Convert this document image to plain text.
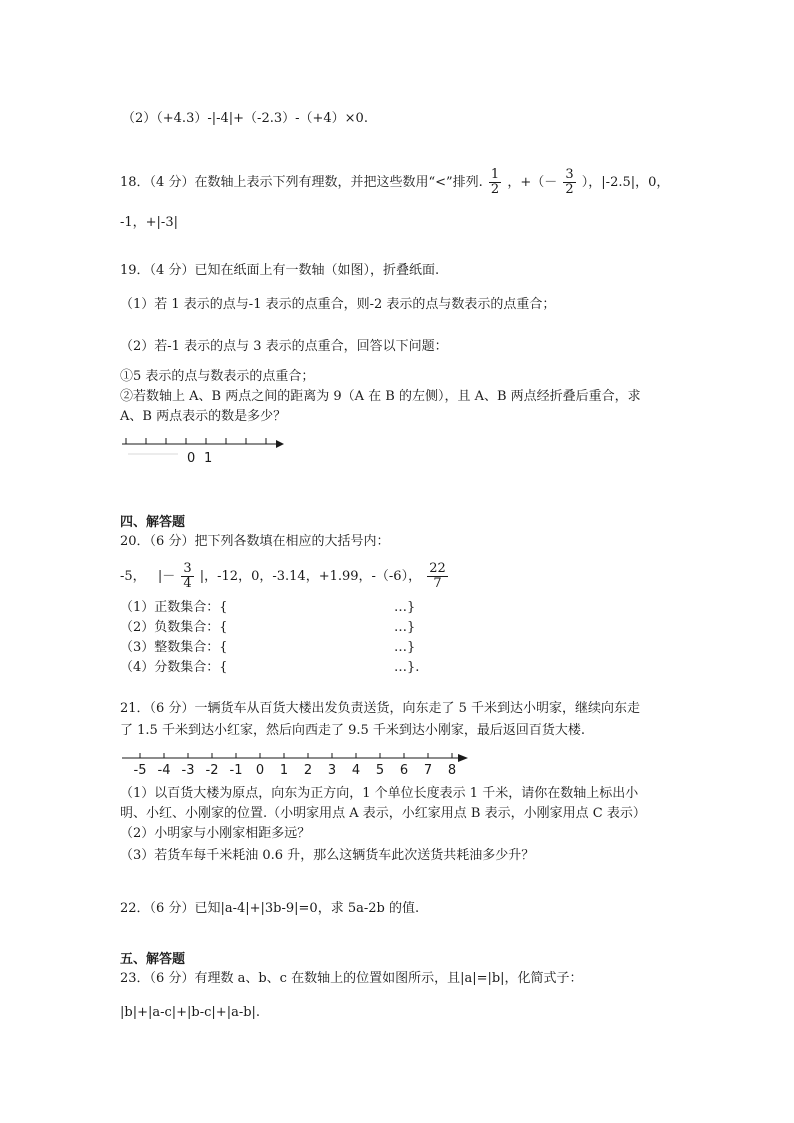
（2）（+4.3）-|-4|+（-2.3）-（+4）×0.
18．（4 分）在数轴上表示下列有理数，并把这些数用“<”排列. $\frac{1}{2}$ ，+（－ $\frac{3}{2}$ ），|-2.5|，0，
-1，+|-3|
19．（4 分）已知在纸面上有一数轴（如图），折叠纸面.
（1）若 1 表示的点与-1 表示的点重合，则-2 表示的点与数表示的点重合；
（2）若-1 表示的点与 3 表示的点重合，回答以下问题：
①5 表示的点与数表示的点重合；
②若数轴上 A、B 两点之间的距离为 9（A 在 B 的左侧），且 A、B 两点经折叠后重合，求
A、B 两点表示的数是多少？
0 1
四、解答题
20．（6 分）把下列各数填在相应的大括号内：
-5， |－ $\frac{3}{4}$ |，-12，0，-3.14，+1.99，-（-6）， $\frac{22}{7}$
（1）正数集合：{	…}
（2）负数集合：{	…}
（3）整数集合：{	…}
（4）分数集合：{	…}.
21．（6 分）一辆货车从百货大楼出发负责送货，向东走了 5 千米到达小明家，继续向东走
了 1.5 千米到达小红家，然后向西走了 9.5 千米到达小刚家，最后返回百货大楼.
-5 -4 -3 -2 -1 0 1 2 3 4 5 6 7 8
（1）以百货大楼为原点，向东为正方向，1 个单位长度表示 1 千米，请你在数轴上标出小
明、小红、小刚家的位置.（小明家用点 A 表示，小红家用点 B 表示，小刚家用点 C 表示）
（2）小明家与小刚家相距多远？
（3）若货车每千米耗油 0.6 升，那么这辆货车此次送货共耗油多少升？
22．（6 分）已知|a-4|+|3b-9|=0，求 5a-2b 的值.
五、解答题
23．（6 分）有理数 a、b、c 在数轴上的位置如图所示，且|a|=|b|，化简式子：
|b|+|a-c|+|b-c|+|a-b|.
